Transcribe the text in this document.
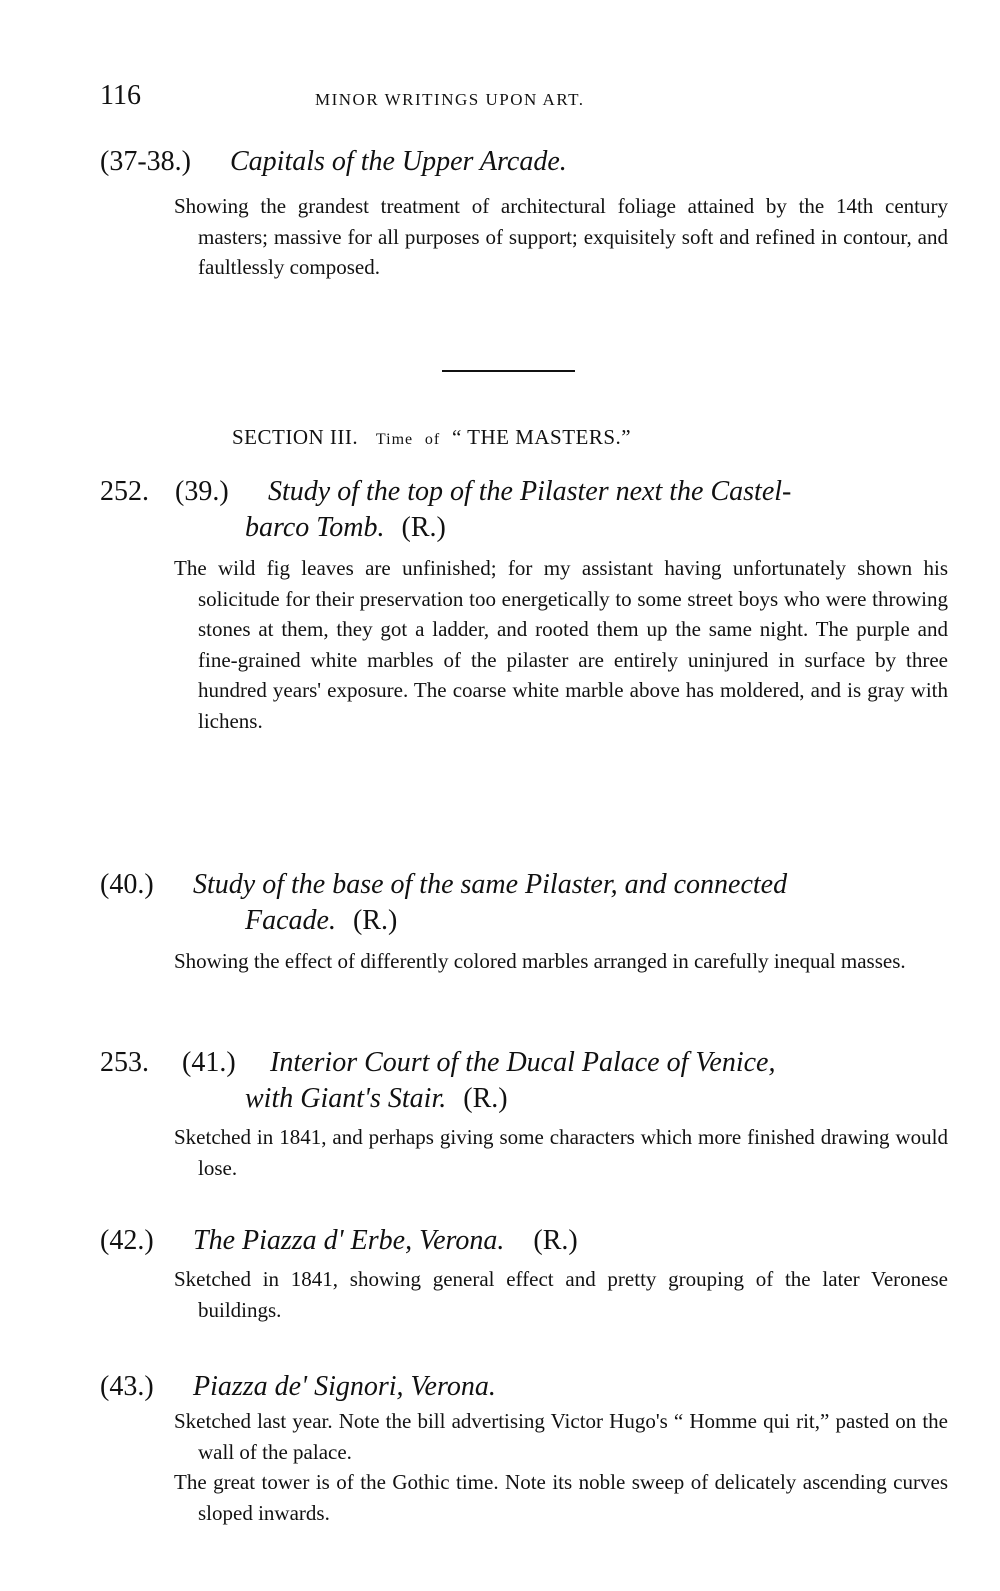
116	MINOR WRITINGS UPON ART.
(37-38.) Capitals of the Upper Arcade.

Showing the grandest treatment of architectural foliage attained by the 14th century masters; massive for all purposes of support; exquisitely soft and refined in contour, and faultlessly composed.

SECTION III. Time of “ THE MASTERS.”
252. (39.) Study of the top of the Pilaster next the Castel-
barco Tomb. (R.)

The wild fig leaves are unfinished; for my assistant having unfortunately shown his solicitude for their preservation too energetically to some street boys who were throwing stones at them, they got a ladder, and rooted them up the same night. The purple and fine-grained white marbles of the pilaster are entirely uninjured in surface by three hundred years' exposure. The coarse white marble above has moldered, and is gray with lichens.

(40.) Study of the base of the same Pilaster, and connected
Facade. (R.)

Showing the effect of differently colored marbles arranged in carefully inequal masses.

253. (41.) Interior Court of the Ducal Palace of Venice,
with Giant's Stair. (R.)

Sketched in 1841, and perhaps giving some characters which more finished drawing would lose.

(42.) The Piazza d' Erbe, Verona. (R.)

Sketched in 1841, showing general effect and pretty grouping of the later Veronese buildings.

(43.) Piazza de' Signori, Verona.

Sketched last year. Note the bill advertising Victor Hugo's “ Homme qui rit,” pasted on the wall of the palace.

The great tower is of the Gothic time. Note its noble sweep of delicately ascending curves sloped inwards.
